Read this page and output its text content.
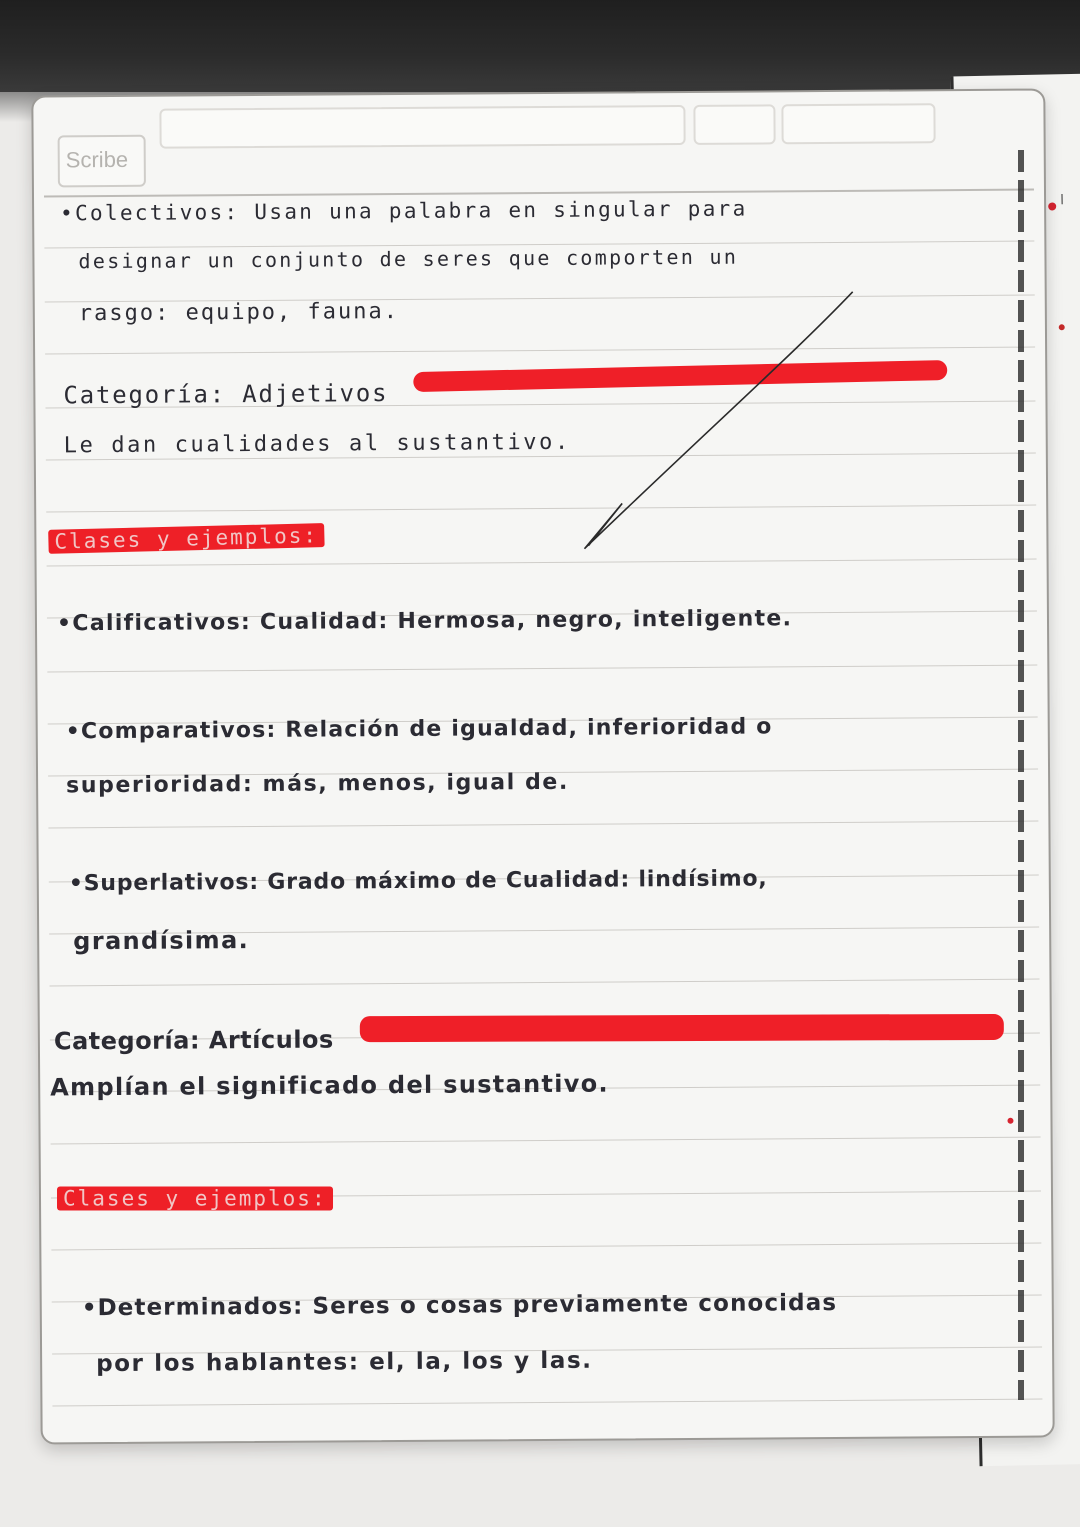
I
Scribe
•Colectivos: Usan una palabra en singular para
designar un conjunto de seres que comporten un
rasgo: equipo, fauna.
Categoría: Adjetivos
Le dan cualidades al sustantivo.
Clases y ejemplos:
•Calificativos: Cualidad: Hermosa, negro, inteligente.
•Comparativos: Relación de igualdad, inferioridad o
superioridad: más, menos, igual de.
•Superlativos: Grado máximo de Cualidad: lindísimo,
grandísima.
Categoría: Artículos
Amplían el significado del sustantivo.
Clases y ejemplos:
•Determinados: Seres o cosas previamente conocidas
por los hablantes: el, la, los y las.
